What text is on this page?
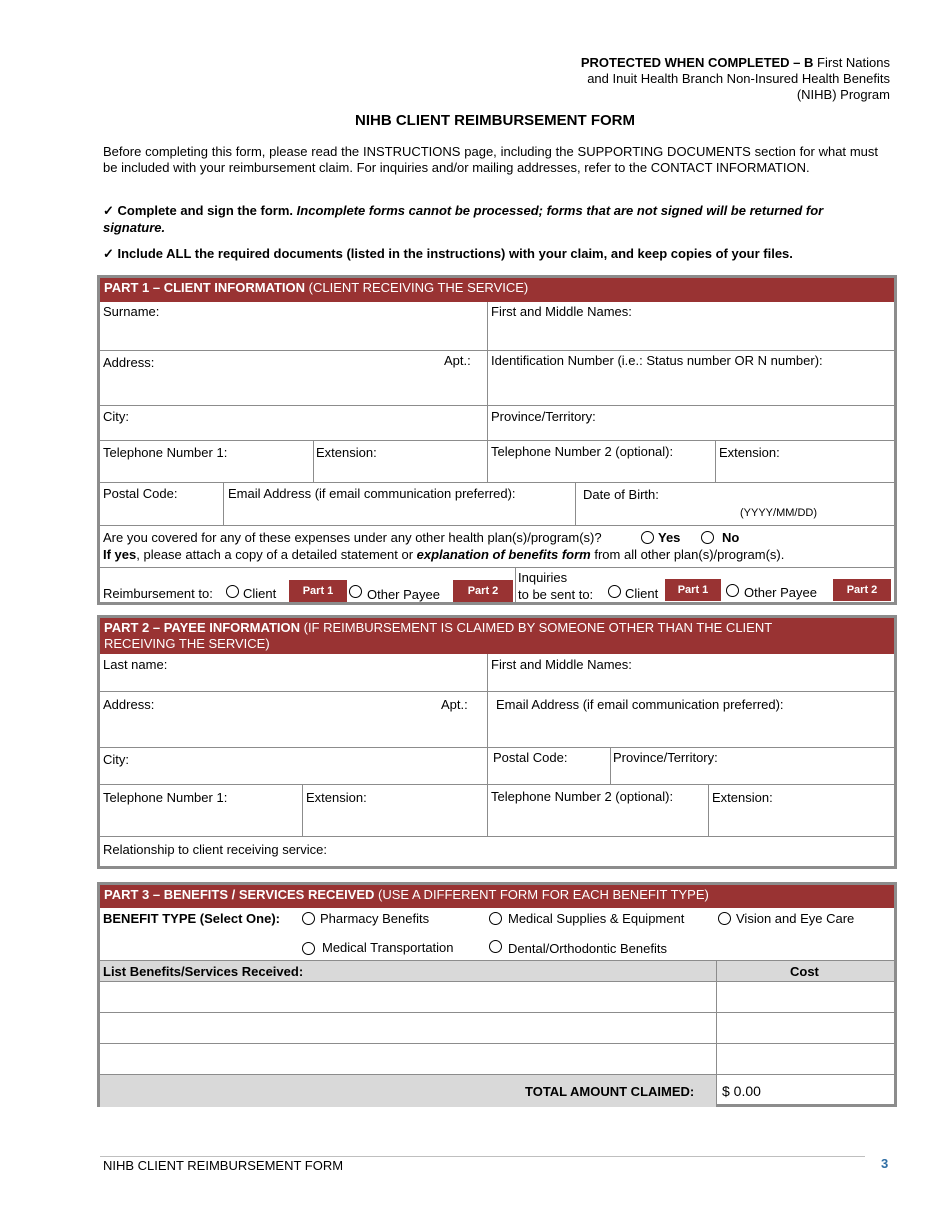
PROTECTED WHEN COMPLETED – B First Nations and Inuit Health Branch Non-Insured Health Benefits (NIHB) Program
NIHB CLIENT REIMBURSEMENT FORM
Before completing this form, please read the INSTRUCTIONS page, including the SUPPORTING DOCUMENTS section for what must be included with your reimbursement claim. For inquiries and/or mailing addresses, refer to the CONTACT INFORMATION.
✓ Complete and sign the form. Incomplete forms cannot be processed; forms that are not signed will be returned for signature.
✓ Include ALL the required documents (listed in the instructions) with your claim, and keep copies of your files.
PART 1 – CLIENT INFORMATION (CLIENT RECEIVING THE SERVICE)
Surname:	First and Middle Names:
Address:	Apt.: Identification Number (i.e.: Status number OR N number):
City:	Province/Territory:
Telephone Number 1:	Extension:	Telephone Number 2 (optional):	Extension:
Postal Code:	Email Address (if email communication preferred):	Date of Birth:
(YYYY/MM/DD)
Are you covered for any of these expenses under any other health plan(s)/program(s)?	Yes	No
If yes, please attach a copy of a detailed statement or explanation of benefits form from all other plan(s)/program(s).
Reimbursement to: Client	Part 1	Other Payee	Part 2
Inquiries
to be sent to: Client	Part 1	Other Payee	Part 2
PART 2 – PAYEE INFORMATION (IF REIMBURSEMENT IS CLAIMED BY SOMEONE OTHER THAN THE CLIENT
RECEIVING THE SERVICE)
Last name:	First and Middle Names:
Address:	Apt.: Email Address (if email communication preferred):
City:	Postal Code:	Province/Territory:
Telephone Number 1:	Extension:	Telephone Number 2 (optional):	Extension:
Relationship to client receiving service:
PART 3 – BENEFITS / SERVICES RECEIVED (USE A DIFFERENT FORM FOR EACH BENEFIT TYPE)
BENEFIT TYPE (Select One):	Pharmacy Benefits	Medical Supplies & Equipment	Vision and Eye Care
Medical Transportation	Dental/Orthodontic Benefits
List Benefits/Services Received:	Cost
TOTAL AMOUNT CLAIMED: $ 0.00
NIHB CLIENT REIMBURSEMENT FORM	3
